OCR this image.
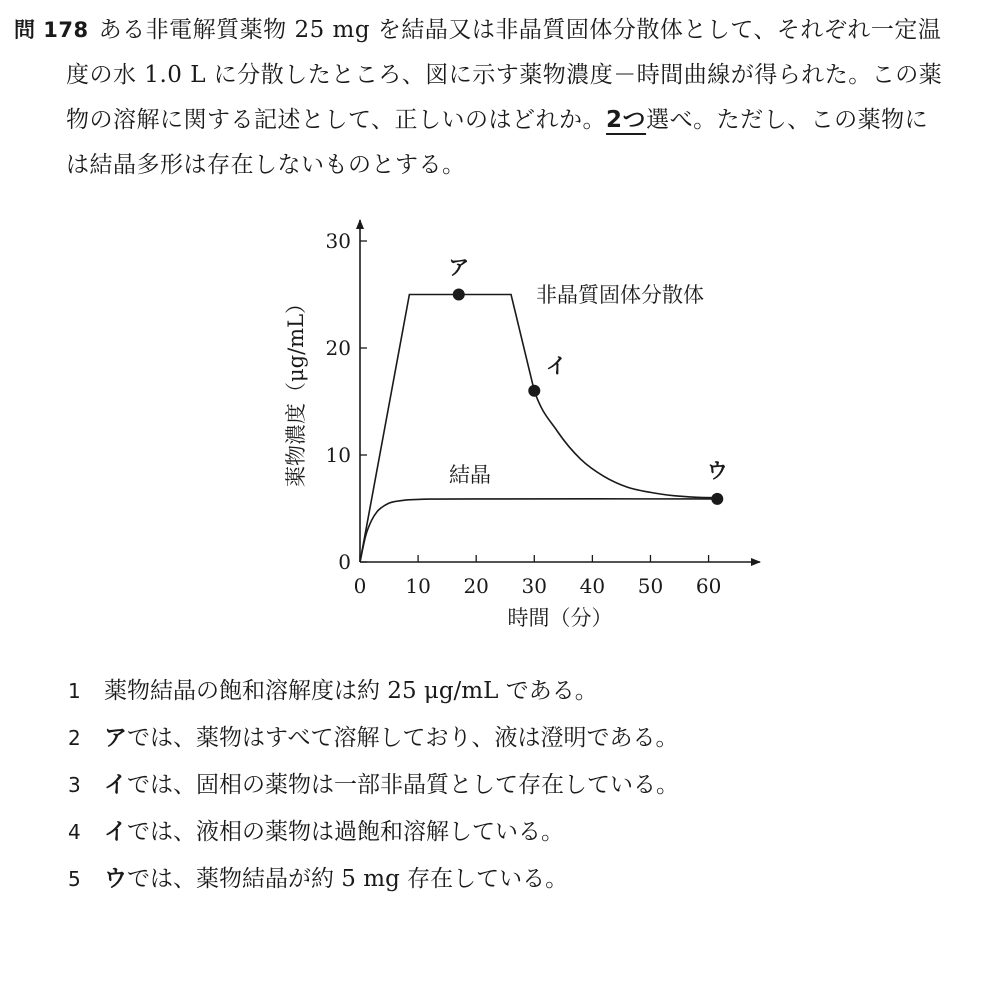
問 178 ある非電解質薬物 25 mg を結晶又は非晶質固体分散体として、それぞれ一定温
度の水 1.0 L に分散したところ、図に示す薬物濃度－時間曲線が得られた。この薬
物の溶解に関する記述として、正しいのはどれか。2つ選べ。ただし、この薬物に
は結晶多形は存在しないものとする。
10
20
30
0
0 10 20 30 40 50 60
非晶質固体分散体
結晶
ア
イ
ウ
薬物濃度（μg/mL）
時間（分）
1 薬物結晶の飽和溶解度は約 25 μg/mL である。
2 アでは、薬物はすべて溶解しており、液は澄明である。
3 イでは、固相の薬物は一部非晶質として存在している。
4 イでは、液相の薬物は過飽和溶解している。
5 ウでは、薬物結晶が約 5 mg 存在している。
